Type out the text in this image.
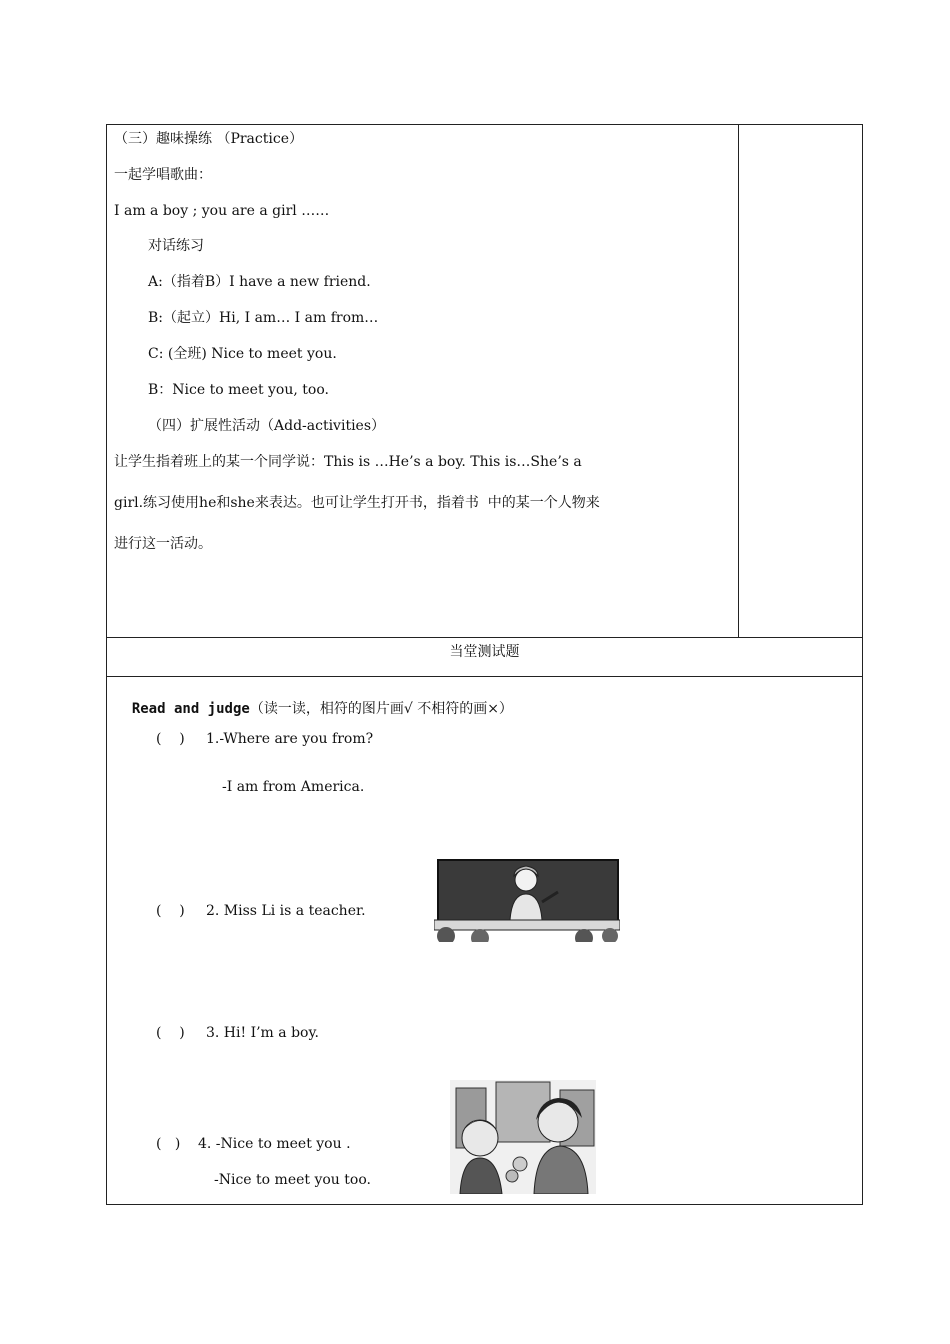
（三）趣味操练 （Practice）
一起学唱歌曲：
I am a boy ; you are a girl ……
对话练习
A:（指着B）I have a new friend.
B:（起立）Hi, I am… I am from…
C: (全班) Nice to meet you.
B：Nice to meet you, too.
（四）扩展性活动（Add-activities）
让学生指着班上的某一个同学说：This is …He’s a boy. This is…She’s a
girl.练习使用he和she来表达。也可让学生打开书，指着书  中的某一个人物来
进行这一活动。
当堂测试题

Read and judge（读一读，相符的图片画√ 不相符的画×）

(    ) 1.-Where are you from?
-I am from America.
(    ) 2. Miss Li is a teacher.
(    ) 3. Hi! I’m a boy.
(   ) 4. -Nice to meet you .
-Nice to meet you too.
